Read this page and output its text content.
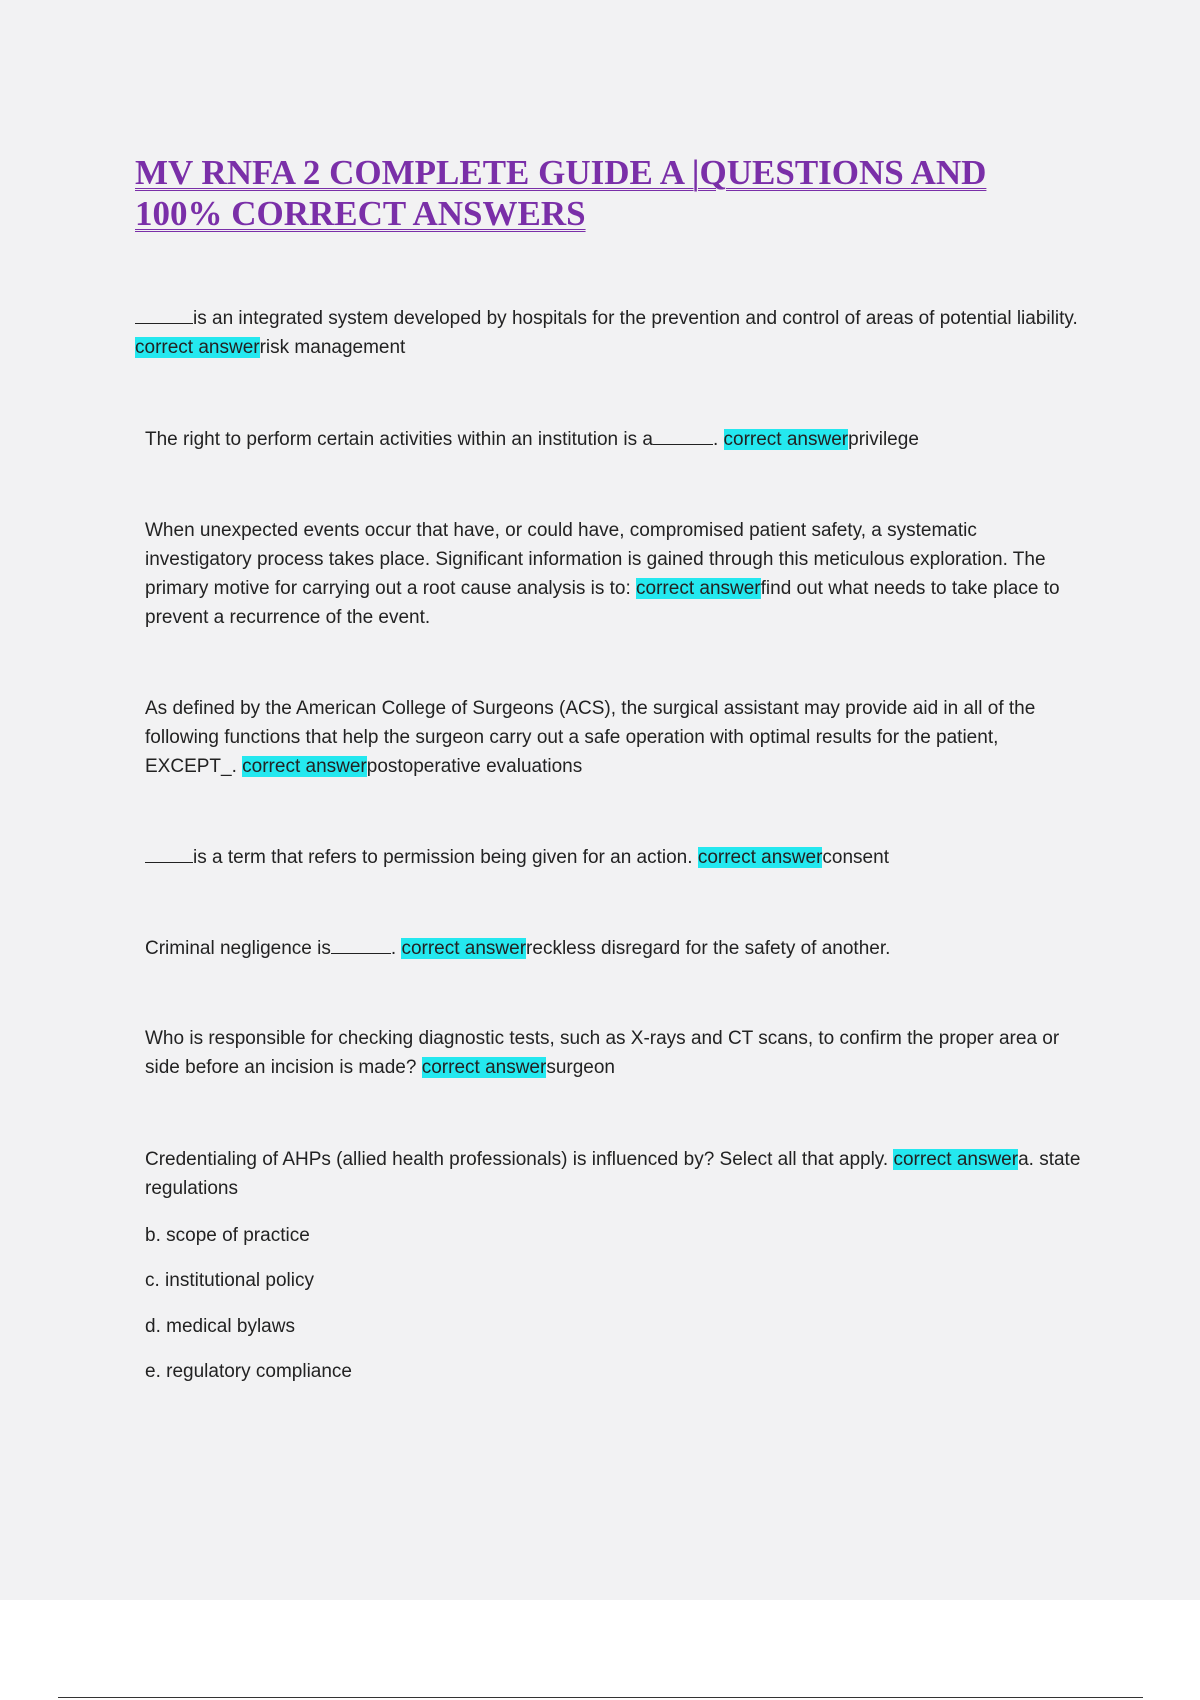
MV RNFA 2 COMPLETE GUIDE A |QUESTIONS AND
100% CORRECT ANSWERS

is an integrated system developed by hospitals for the prevention and control of areas of potential liability. correct answerrisk management

The right to perform certain activities within an institution is a	. correct answerprivilege

When unexpected events occur that have, or could have, compromised patient safety, a systematic investigatory process takes place. Significant information is gained through this meticulous exploration. The primary motive for carrying out a root cause analysis is to: correct answerfind out what needs to take place to prevent a recurrence of the event.

As defined by the American College of Surgeons (ACS), the surgical assistant may provide aid in all of the following functions that help the surgeon carry out a safe operation with optimal results for the patient, EXCEPT_. correct answerpostoperative evaluations

is a term that refers to permission being given for an action. correct answerconsent

Criminal negligence is	. correct answerreckless disregard for the safety of another.

Who is responsible for checking diagnostic tests, such as X-rays and CT scans, to confirm the proper area or side before an incision is made? correct answersurgeon

Credentialing of AHPs (allied health professionals) is influenced by? Select all that apply. correct answera. state regulations

b. scope of practice

c. institutional policy

d. medical bylaws

e. regulatory compliance
